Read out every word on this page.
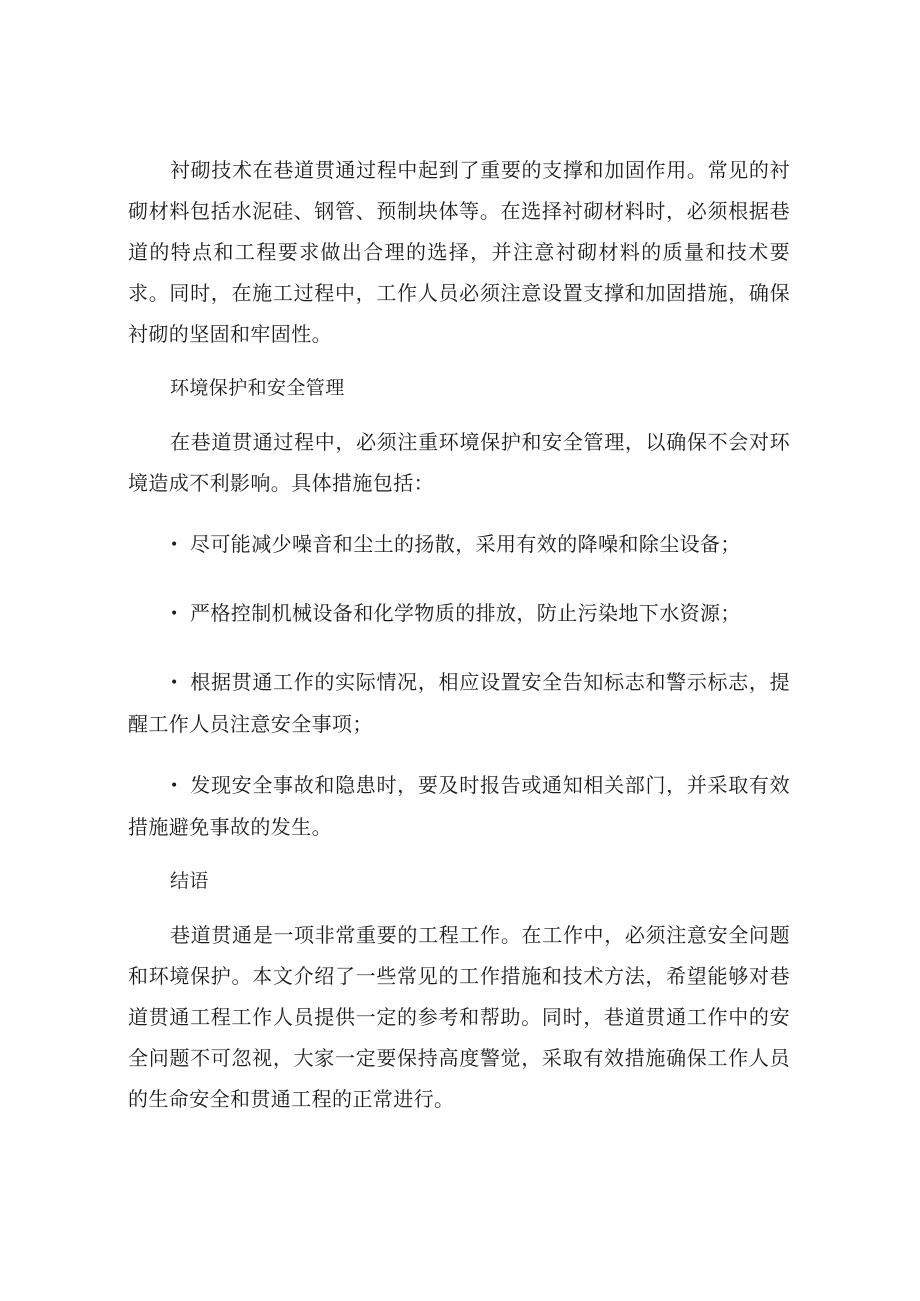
衬砌技术在巷道贯通过程中起到了重要的支撑和加固作用。常见的衬砌材料包括水泥硅、钢管、预制块体等。在选择衬砌材料时，必须根据巷道的特点和工程要求做出合理的选择，并注意衬砌材料的质量和技术要求。同时，在施工过程中，工作人员必须注意设置支撑和加固措施，确保衬砌的坚固和牢固性。

环境保护和安全管理

在巷道贯通过程中，必须注重环境保护和安全管理，以确保不会对环境造成不利影响。具体措施包括：

• 尽可能减少噪音和尘土的扬散，采用有效的降噪和除尘设备；

• 严格控制机械设备和化学物质的排放，防止污染地下水资源；

• 根据贯通工作的实际情况，相应设置安全告知标志和警示标志，提醒工作人员注意安全事项；

• 发现安全事故和隐患时，要及时报告或通知相关部门，并采取有效措施避免事故的发生。

结语

巷道贯通是一项非常重要的工程工作。在工作中，必须注意安全问题和环境保护。本文介绍了一些常见的工作措施和技术方法，希望能够对巷道贯通工程工作人员提供一定的参考和帮助。同时，巷道贯通工作中的安全问题不可忽视，大家一定要保持高度警觉，采取有效措施确保工作人员的生命安全和贯通工程的正常进行。
